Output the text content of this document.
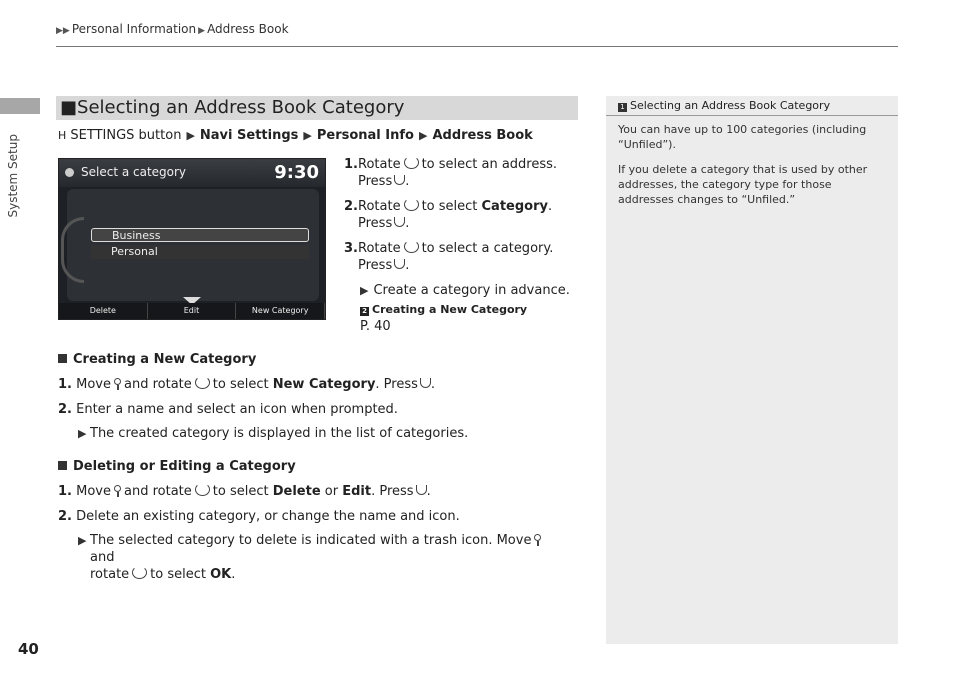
System Setup
▶▶ Personal Information ▶ Address Book
■Selecting an Address Book Category
H SETTINGS button ▶ Navi Settings ▶ Personal Info ▶ Address Book
Select a category	9:30
Business
Personal
Delete	Edit	New Category
1. Rotate to select an address.
Press .
2. Rotate to select Category.
Press .
3. Rotate to select a category.
Press .
▶ Create a category in advance.
2 Creating a New Category
P. 40
Creating a New Category
1. Move and rotate to select New Category. Press .
2. Enter a name and select an icon when prompted.
▶ The created category is displayed in the list of categories.
Deleting or Editing a Category
1. Move and rotate to select Delete or Edit. Press .
2. Delete an existing category, or change the name and icon.
▶ The selected category to delete is indicated with a trash icon. Moveand
rotate to select OK.
1 Selecting an Address Book Category

You can have up to 100 categories (including “Unfiled”).

If you delete a category that is used by other addresses, the category type for those addresses changes to “Unfiled.”

40
